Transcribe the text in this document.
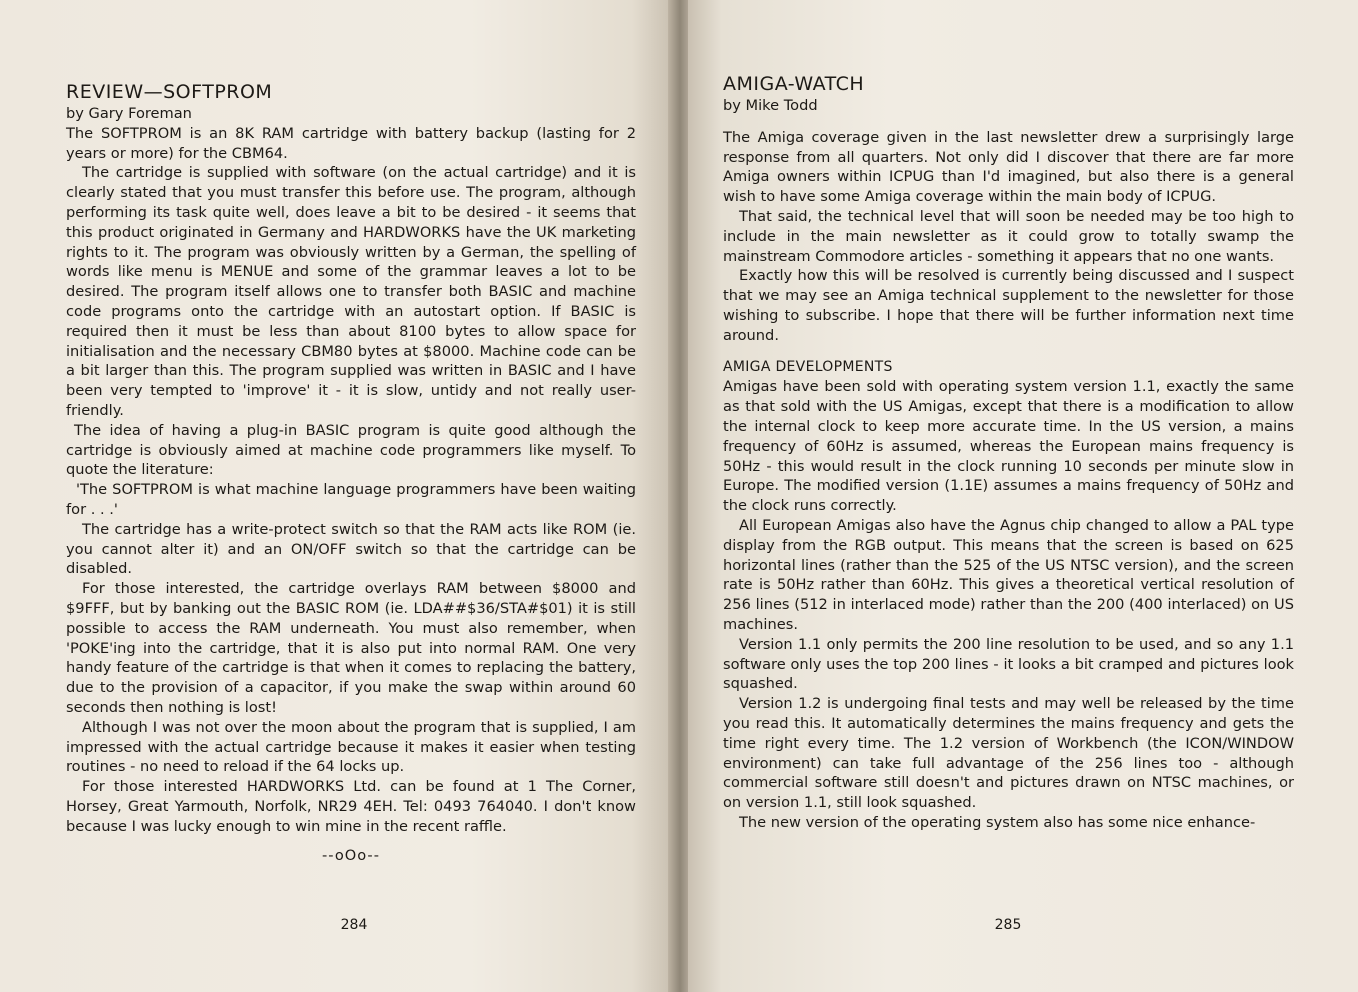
REVIEW—SOFTPROM

by Gary Foreman

The SOFTPROM is an 8K RAM cartridge with battery backup (lasting for 2 years or more) for the CBM64.

The cartridge is supplied with software (on the actual cartridge) and it is clearly stated that you must transfer this before use. The program, although performing its task quite well, does leave a bit to be desired - it seems that this product originated in Germany and HARDWORKS have the UK marketing rights to it. The program was obviously written by a German, the spelling of words like menu is MENUE and some of the grammar leaves a lot to be desired. The program itself allows one to transfer both BASIC and machine code programs onto the cartridge with an autostart option. If BASIC is required then it must be less than about 8100 bytes to allow space for initialisation and the necessary CBM80 bytes at $8000. Machine code can be a bit larger than this. The program supplied was written in BASIC and I have been very tempted to 'improve' it - it is slow, untidy and not really user-friendly.

The idea of having a plug-in BASIC program is quite good although the cartridge is obviously aimed at machine code programmers like myself. To quote the literature:

'The SOFTPROM is what machine language programmers have been waiting for . . .'

The cartridge has a write-protect switch so that the RAM acts like ROM (ie. you cannot alter it) and an ON/OFF switch so that the cartridge can be disabled.

For those interested, the cartridge overlays RAM between $8000 and $9FFF, but by banking out the BASIC ROM (ie. LDA##$36/STA#$01) it is still possible to access the RAM underneath. You must also remember, when 'POKE'ing into the cartridge, that it is also put into normal RAM. One very handy feature of the cartridge is that when it comes to replacing the battery, due to the provision of a capacitor, if you make the swap within around 60 seconds then nothing is lost!

Although I was not over the moon about the program that is supplied, I am impressed with the actual cartridge because it makes it easier when testing routines - no need to reload if the 64 locks up.

For those interested HARDWORKS Ltd. can be found at 1 The Corner, Horsey, Great Yarmouth, Norfolk, NR29 4EH. Tel: 0493 764040. I don't know because I was lucky enough to win mine in the recent raffle.

--oOo--
284
AMIGA-WATCH

by Mike Todd

The Amiga coverage given in the last newsletter drew a surprisingly large response from all quarters. Not only did I discover that there are far more Amiga owners within ICPUG than I'd imagined, but also there is a general wish to have some Amiga coverage within the main body of ICPUG.

That said, the technical level that will soon be needed may be too high to include in the main newsletter as it could grow to totally swamp the mainstream Commodore articles - something it appears that no one wants.

Exactly how this will be resolved is currently being discussed and I suspect that we may see an Amiga technical supplement to the newsletter for those wishing to subscribe. I hope that there will be further information next time around.

AMIGA DEVELOPMENTS

Amigas have been sold with operating system version 1.1, exactly the same as that sold with the US Amigas, except that there is a modification to allow the internal clock to keep more accurate time. In the US version, a mains frequency of 60Hz is assumed, whereas the European mains frequency is 50Hz - this would result in the clock running 10 seconds per minute slow in Europe. The modified version (1.1E) assumes a mains frequency of 50Hz and the clock runs correctly.

All European Amigas also have the Agnus chip changed to allow a PAL type display from the RGB output. This means that the screen is based on 625 horizontal lines (rather than the 525 of the US NTSC version), and the screen rate is 50Hz rather than 60Hz. This gives a theoretical vertical resolution of 256 lines (512 in interlaced mode) rather than the 200 (400 interlaced) on US machines.

Version 1.1 only permits the 200 line resolution to be used, and so any 1.1 software only uses the top 200 lines - it looks a bit cramped and pictures look squashed.

Version 1.2 is undergoing final tests and may well be released by the time you read this. It automatically determines the mains frequency and gets the time right every time. The 1.2 version of Workbench (the ICON/WINDOW environment) can take full advantage of the 256 lines too - although commercial software still doesn't and pictures drawn on NTSC machines, or on version 1.1, still look squashed.

The new version of the operating system also has some nice enhance-

285
